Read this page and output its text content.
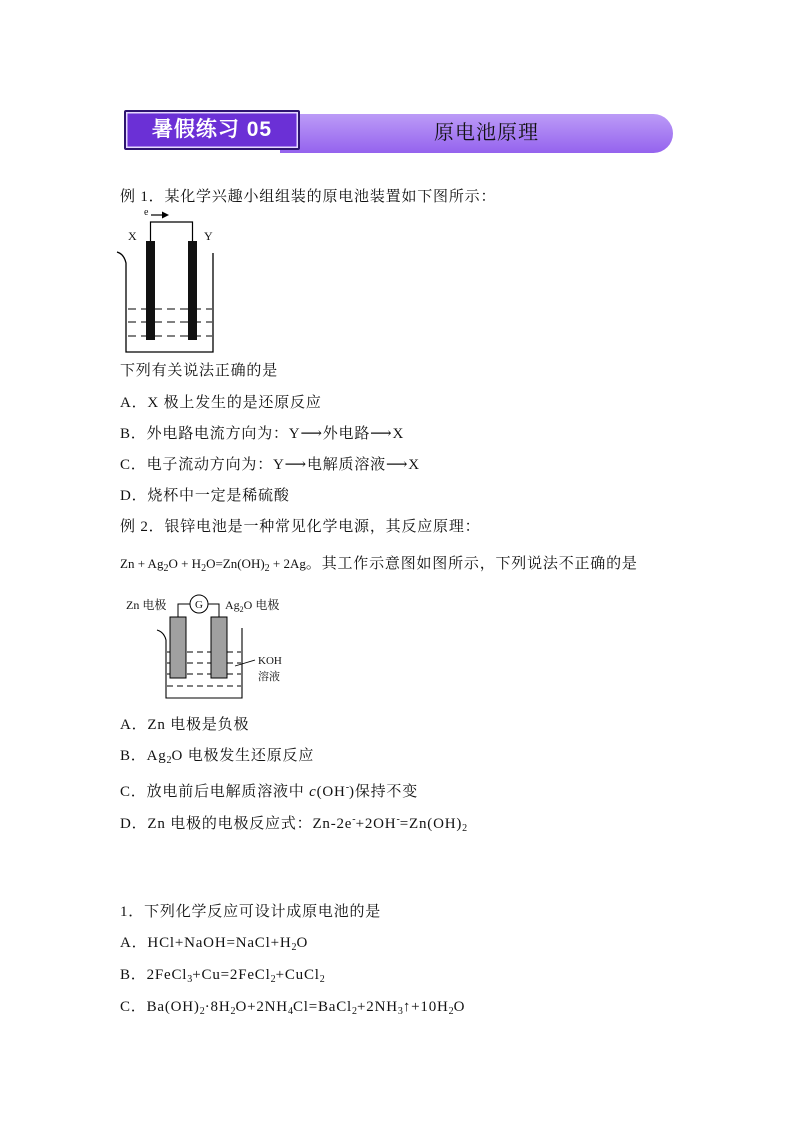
原电池原理
暑假练习 05
例 1．某化学兴趣小组组装的原电池装置如下图所示：
e
X	Y
下列有关说法正确的是
A．X 极上发生的是还原反应
B．外电路电流方向为：Y⟶外电路⟶X
C．电子流动方向为：Y⟶电解质溶液⟶X
D．烧杯中一定是稀硫酸
例 2．银锌电池是一种常见化学电源，其反应原理：
$Zn + Ag_2O + H_2O=Zn(OH)_2 + 2Ag$。其工作示意图如图所示，下列说法不正确的是
Zn 电极	$Ag_2O$ 电极
G
KOH
溶液
A．Zn 电极是负极
B．$Ag_2O$ 电极发生还原反应
C．放电前后电解质溶液中 c(OH-)保持不变
D．Zn 电极的电极反应式：$Zn-2e^-+2OH^-=Zn(OH)_2$
1．下列化学反应可设计成原电池的是
A．$HCl+NaOH=NaCl+H_2O$
B．2FeCl$_3$+Cu=2FeCl$_2$+CuCl$_2$
C．$Ba(OH)_2\cdot 8H_2O+2NH_4Cl=BaCl_2+2NH_3↑+10H_2O$
